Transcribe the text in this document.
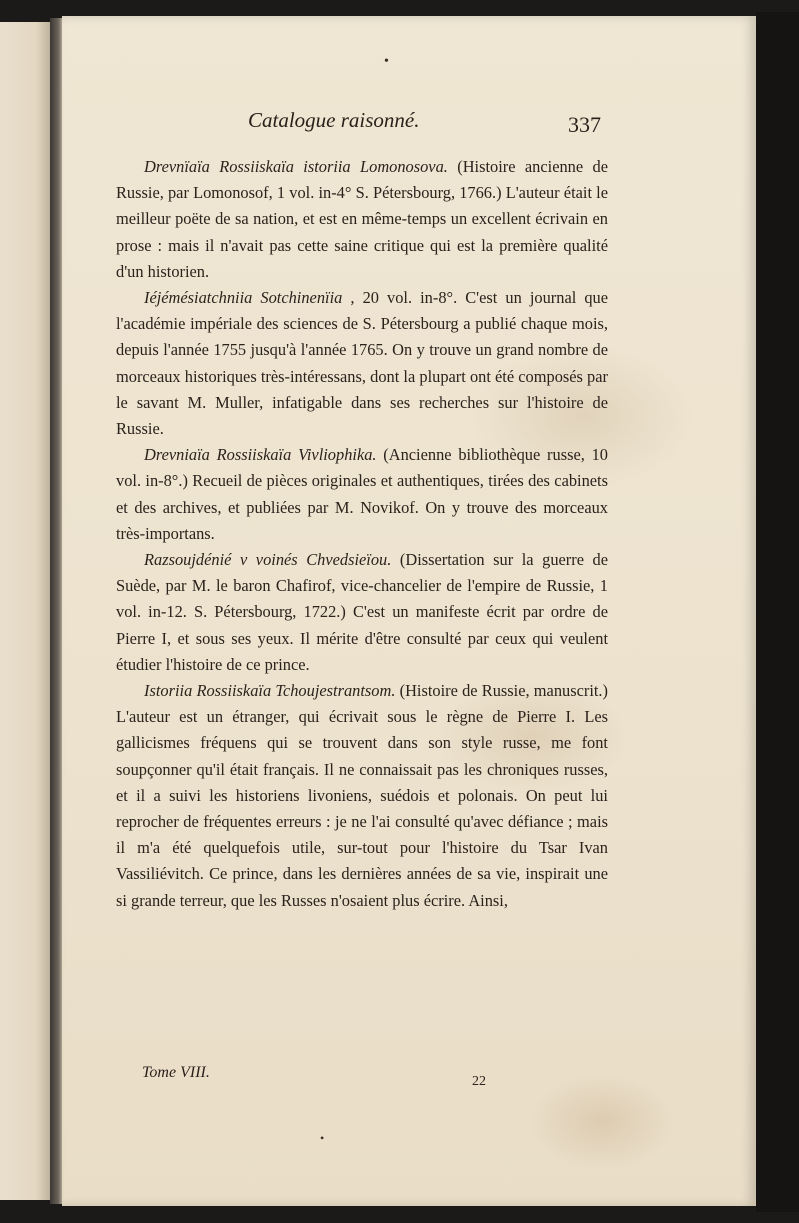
•
Catalogue raisonné.	337

Drevnïaïa Rossiiskaïa istoriia Lomonosova. (Histoire ancienne de Russie, par Lomonosof, 1 vol. in-4° S. Pétersbourg, 1766.) L'auteur était le meilleur poëte de sa nation, et est en même-temps un excellent écrivain en prose : mais il n'avait pas cette saine critique qui est la première qualité d'un historien.

Iéjémésiatchniia Sotchinenïia , 20 vol. in-8°. C'est un journal que l'académie impériale des sciences de S. Pétersbourg a publié chaque mois, depuis l'année 1755 jusqu'à l'année 1765. On y trouve un grand nombre de morceaux historiques très-intéressans, dont la plupart ont été composés par le savant M. Muller, infatigable dans ses recherches sur l'histoire de Russie.

Drevniaïa Rossiiskaïa Vivliophika. (Ancienne bibliothèque russe, 10 vol. in-8°.) Recueil de pièces originales et authentiques, tirées des cabinets et des archives, et publiées par M. Novikof. On y trouve des morceaux très-importans.

Razsoujdénié v voinés Chvedsieïou. (Dissertation sur la guerre de Suède, par M. le baron Chafirof, vice-chancelier de l'empire de Russie, 1 vol. in-12. S. Pétersbourg, 1722.) C'est un manifeste écrit par ordre de Pierre I, et sous ses yeux. Il mérite d'être consulté par ceux qui veulent étudier l'histoire de ce prince.

Istoriia Rossiiskaïa Tchoujestrantsom. (Histoire de Russie, manuscrit.) L'auteur est un étranger, qui écrivait sous le règne de Pierre I. Les gallicismes fréquens qui se trouvent dans son style russe, me font soupçonner qu'il était français. Il ne connaissait pas les chroniques russes, et il a suivi les historiens livoniens, suédois et polonais. On peut lui reprocher de fréquentes erreurs : je ne l'ai consulté qu'avec défiance ; mais il m'a été quelquefois utile, sur-tout pour l'histoire du Tsar Ivan Vassiliévitch. Ce prince, dans les dernières années de sa vie, inspirait une si grande terreur, que les Russes n'osaient plus écrire. Ainsi,

Tome VIII.
22
•
